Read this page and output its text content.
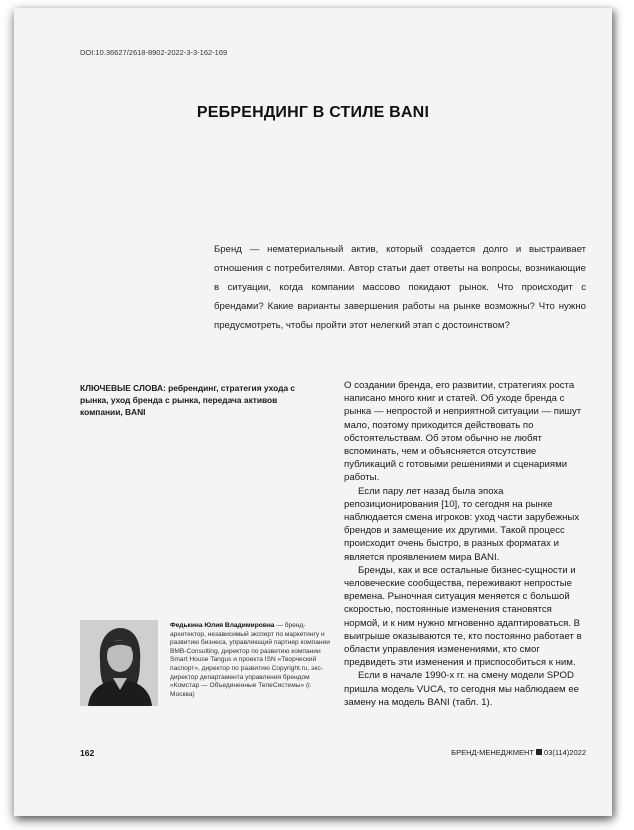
DOI:10.36627/2618-8902-2022-3-3-162-169
РЕБРЕНДИНГ В СТИЛЕ BANI
Бренд — нематериальный актив, который создается долго и выстраивает отношения с потребителями. Автор статьи дает ответы на вопросы, возникающие в ситуации, когда компании массово покидают рынок. Что происходит с брендами? Какие варианты завершения работы на рынке возможны? Что нужно предусмотреть, чтобы пройти этот нелегкий этап с достоинством?
КЛЮЧЕВЫЕ СЛОВА: ребрендинг, стратегия ухода с рынка, уход бренда с рынка, передача активов компании, BANI

О создании бренда, его развитии, стратегиях роста написано много книг и статей. Об уходе бренда с рынка — непростой и неприятной ситуации — пишут мало, поэтому приходится действовать по обстоятельствам. Об этом обычно не любят вспоминать, чем и объясняется отсутствие публикаций с готовыми решениями и сценариями работы.

Если пару лет назад была эпоха репозиционирования [10], то сегодня на рынке наблюдается смена игроков: уход части зарубежных брендов и замещение их другими. Такой процесс происходит очень быстро, в разных форматах и является проявлением мира BANI.

Бренды, как и все остальные бизнес-сущности и человеческие сообщества, переживают непростые времена. Рыночная ситуация меняется с большой скоростью, постоянные изменения становятся нормой, и к ним нужно мгновенно адаптироваться. В выигрыше оказываются те, кто постоянно работает в области управления изменениями, кто смог предвидеть эти изменения и приспособиться к ним.

Если в начале 1990-х гг. на смену модели SPOD пришла модель VUCA, то сегодня мы наблюдаем ее замену на модель BANI (табл. 1).

Федькина Юлия Владимировна — бренд-архитектор, независимый эксперт по маркетингу и развитию бизнеса, управляющий партнер компании BMB-Consulting, директор по развитию компании Smart House Tangus и проекта ISN «Творческий паспорт», директор по развитию Copyright.ru, экс-директор департамента управления брендом «Комстар — Объединенные ТелеСистемы» (г. Москва)
162	БРЕНД-МЕНЕДЖМЕНТ 03(114)2022
